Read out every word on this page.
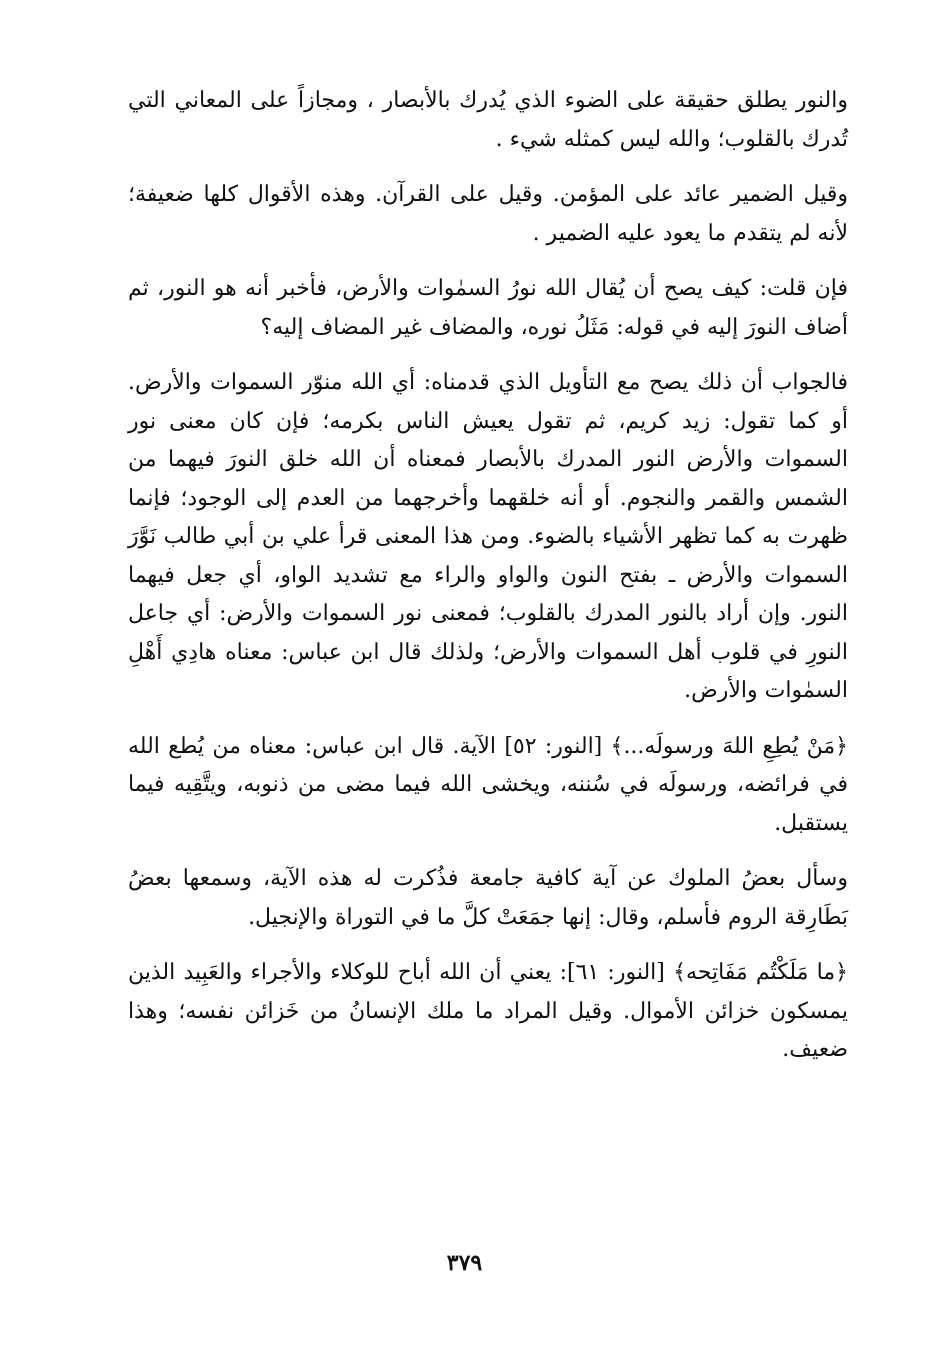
والنور يطلق حقيقة على الضوء الذي يُدرك بالأبصار ، ومجازاً على المعاني التي تُدرك بالقلوب؛ والله ليس كمثله شيء .

وقيل الضمير عائد على المؤمن. وقيل على القرآن. وهذه الأقوال كلها ضعيفة؛ لأنه لم يتقدم ما يعود عليه الضمير .

فإن قلت: كيف يصح أن يُقال الله نورُ السمٰوات والأرض، فأخبر أنه هو النور، ثم أضاف النورَ إليه في قوله: مَثَلُ نوره، والمضاف غير المضاف إليه؟

فالجواب أن ذلك يصح مع التأويل الذي قدمناه: أي الله منوّر السموات والأرض. أو كما تقول: زيد كريم، ثم تقول يعيش الناس بكرمه؛ فإن كان معنى نور السموات والأرض النور المدرك بالأبصار فمعناه أن الله خلق النورَ فيهما من الشمس والقمر والنجوم. أو أنه خلقهما وأخرجهما من العدم إلى الوجود؛ فإنما ظهرت به كما تظهر الأشياء بالضوء. ومن هذا المعنى قرأ علي بن أبي طالب نَوَّرَ السموات والأرض ـ بفتح النون والواو والراء مع تشديد الواو، أي جعل فيهما النور. وإن أراد بالنور المدرك بالقلوب؛ فمعنى نور السموات والأرض: أي جاعل النورِ في قلوب أهل السموات والأرض؛ ولذلك قال ابن عباس: معناه هادِي أَهْلِ السمٰوات والأرض.

﴿مَنْ يُطِعِ اللهَ ورسولَه...﴾ [النور: ٥٢] الآية. قال ابن عباس: معناه من يُطع الله في فرائضه، ورسولَه في سُننه، ويخشى الله فيما مضى من ذنوبه، ويتَّقِيه فيما يستقبل.

وسأل بعضُ الملوك عن آية كافية جامعة فذُكرت له هذه الآية، وسمعها بعضُ بَطَارِقة الروم فأسلم، وقال: إنها جمَعَتْ كلَّ ما في التوراة والإنجيل.

﴿ما مَلَكْتُم مَفَاتِحه﴾ [النور: ٦١]: يعني أن الله أباح للوكلاء والأجراء والعَبِيد الذين يمسكون خزائن الأموال. وقيل المراد ما ملك الإنسانُ من خَزائن نفسه؛ وهذا ضعيف.

٣٧٩
